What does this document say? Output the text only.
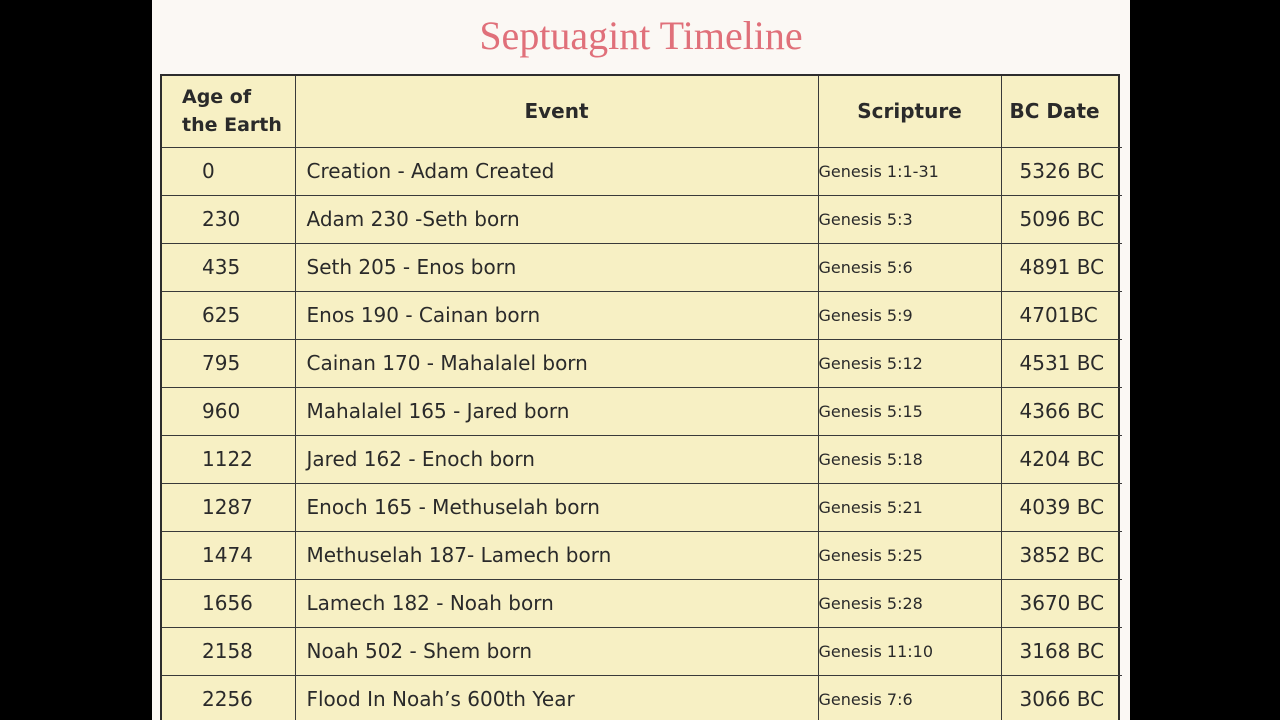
Septuagint Timeline
Age of
the Earth	Event	Scripture	BC Date
0	Creation - Adam Created	Genesis 1:1-31	5326 BC
230	Adam 230 -Seth born	Genesis 5:3	5096 BC
435	Seth 205 - Enos born	Genesis 5:6	4891 BC
625	Enos 190 - Cainan born	Genesis 5:9	4701BC
795	Cainan 170 - Mahalalel born	Genesis 5:12	4531 BC
960	Mahalalel 165 - Jared born	Genesis 5:15	4366 BC
1122	Jared 162 - Enoch born	Genesis 5:18	4204 BC
1287	Enoch 165 - Methuselah born	Genesis 5:21	4039 BC
1474	Methuselah 187- Lamech born	Genesis 5:25	3852 BC
1656	Lamech 182 - Noah born	Genesis 5:28	3670 BC
2158	Noah 502 - Shem born	Genesis 11:10	3168 BC
2256	Flood In Noah’s 600th Year	Genesis 7:6	3066 BC
